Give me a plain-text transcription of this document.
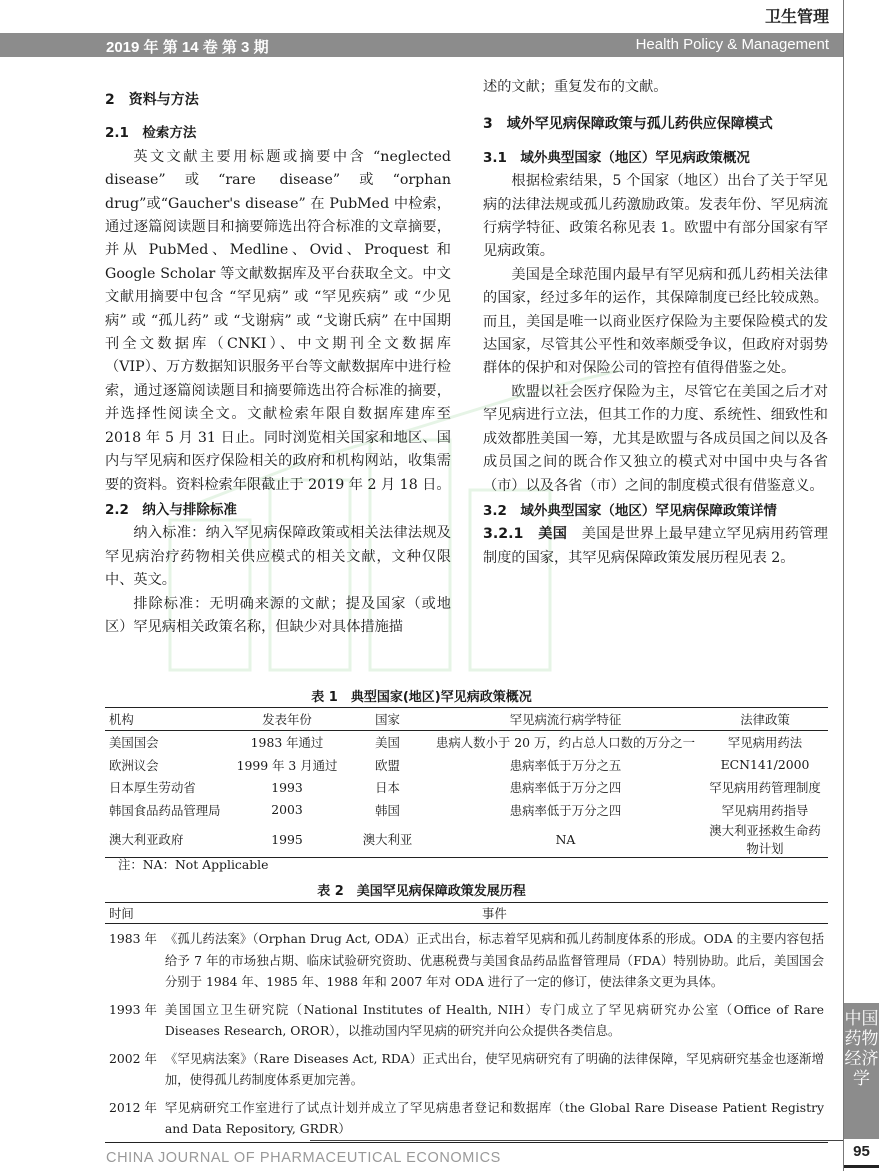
卫生管理
2019 年 第 14 卷 第 3 期	Health Policy & Management
2　资料与方法
2.1　检索方法

英文文献主要用标题或摘要中含 “neglected disease”或“rare disease”或“orphan drug”或“Gaucher's disease” 在 PubMed 中检索，通过逐篇阅读题目和摘要筛选出符合标准的文章摘要，并从 PubMed、Medline、Ovid、Proquest 和 Google Scholar 等文献数据库及平台获取全文。中文文献用摘要中包含 “罕见病” 或 “罕见疾病” 或 “少见病” 或 “孤儿药” 或 “戈谢病” 或 “戈谢氏病” 在中国期刊全文数据库（CNKI）、中文期刊全文数据库（VIP）、万方数据知识服务平台等文献数据库中进行检索，通过逐篇阅读题目和摘要筛选出符合标准的摘要，并选择性阅读全文。文献检索年限自数据库建库至 2018 年 5 月 31 日止。同时浏览相关国家和地区、国内与罕见病和医疗保险相关的政府和机构网站，收集需要的资料。资料检索年限截止于 2019 年 2 月 18 日。

2.2　纳入与排除标准

纳入标准：纳入罕见病保障政策或相关法律法规及罕见病治疗药物相关供应模式的相关文献，文种仅限中、英文。

排除标准：无明确来源的文献；提及国家（或地区）罕见病相关政策名称，但缺少对具体措施描

述的文献；重复发布的文献。

3　域外罕见病保障政策与孤儿药供应保障模式
3.1　域外典型国家（地区）罕见病政策概况

根据检索结果，5 个国家（地区）出台了关于罕见病的法律法规或孤儿药激励政策。发表年份、罕见病流行病学特征、政策名称见表 1。欧盟中有部分国家有罕见病政策。

美国是全球范围内最早有罕见病和孤儿药相关法律的国家，经过多年的运作，其保障制度已经比较成熟。而且，美国是唯一以商业医疗保险为主要保险模式的发达国家，尽管其公平性和效率颇受争议，但政府对弱势群体的保护和对保险公司的管控有值得借鉴之处。

欧盟以社会医疗保险为主，尽管它在美国之后才对罕见病进行立法，但其工作的力度、系统性、细致性和成效都胜美国一筹，尤其是欧盟与各成员国之间以及各成员国之间的既合作又独立的模式对中国中央与各省（市）以及各省（市）之间的制度模式很有借鉴意义。

3.2　域外典型国家（地区）罕见病保障政策详情

3.2.1　美国　美国是世界上最早建立罕见病用药管理制度的国家，其罕见病保障政策发展历程见表 2。

表 1　典型国家(地区)罕见病政策概况
机构	发表年份	国家	罕见病流行病学特征	法律政策
美国国会	1983 年通过	美国	患病人数小于 20 万，约占总人口数的万分之一	罕见病用药法
欧洲议会	1999 年 3 月通过	欧盟	患病率低于万分之五	ECN141/2000
日本厚生劳动省	1993	日本	患病率低于万分之四	罕见病用药管理制度
韩国食品药品管理局	2003	韩国	患病率低于万分之四	罕见病用药指导
澳大利亚政府	1995	澳大利亚	NA	澳大利亚拯救生命药物计划
注：NA：Not Applicable
表 2　美国罕见病保障政策发展历程
时间	事件
1983 年	《孤儿药法案》（Orphan Drug Act, ODA）正式出台，标志着罕见病和孤儿药制度体系的形成。ODA 的主要内容包括给予 7 年的市场独占期、临床试验研究资助、优惠税费与美国食品药品监督管理局（FDA）特别协助。此后，美国国会分别于 1984 年、1985 年、1988 年和 2007 年对 ODA 进行了一定的修订，使法律条文更为具体。
1993 年	美国国立卫生研究院（National Institutes of Health, NIH）专门成立了罕见病研究办公室（Office of Rare Diseases Research, OROR），以推动国内罕见病的研究并向公众提供各类信息。
2002 年	《罕见病法案》（Rare Diseases Act, RDA）正式出台，使罕见病研究有了明确的法律保障，罕见病研究基金也逐渐增加，使得孤儿药制度体系更加完善。
2012 年	罕见病研究工作室进行了试点计划并成立了罕见病患者登记和数据库（the Global Rare Disease Patient Registry and Data Repository, GRDR）
CHINA JOURNAL OF PHARMACEUTICAL ECONOMICS
中国药物经济学
95
